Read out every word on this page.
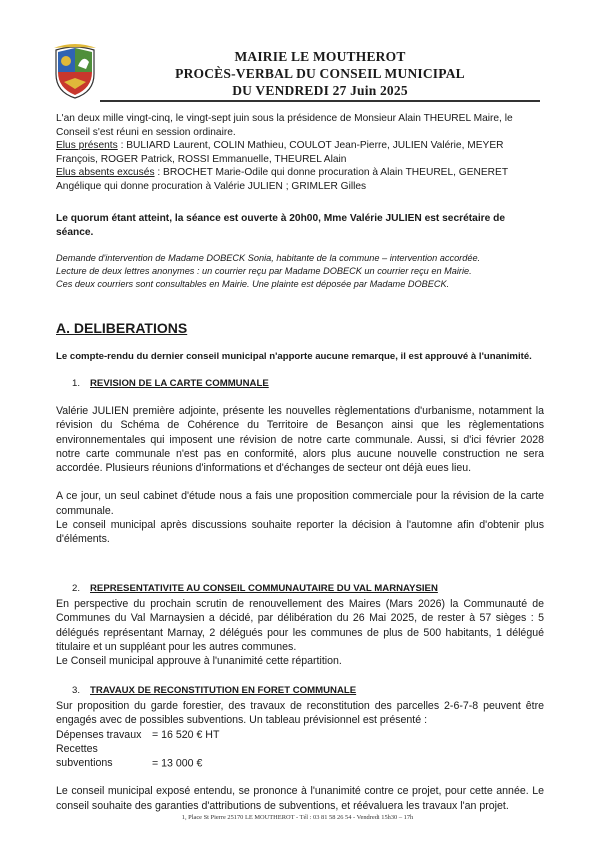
MAIRIE LE MOUTHEROT
PROCÈS-VERBAL DU CONSEIL MUNICIPAL
DU VENDREDI 27 Juin 2025

L'an deux mille vingt-cinq, le vingt-sept juin sous la présidence de Monsieur Alain THEUREL Maire, le Conseil s'est réuni en session ordinaire.

Elus présents : BULIARD Laurent, COLIN Mathieu, COULOT Jean-Pierre, JULIEN Valérie, MEYER François, ROGER Patrick, ROSSI Emmanuelle, THEUREL Alain

Elus absents excusés : BROCHET Marie-Odile qui donne procuration à Alain THEUREL, GENERET Angélique qui donne procuration à Valérie JULIEN ; GRIMLER Gilles

Le quorum étant atteint, la séance est ouverte à 20h00, Mme Valérie JULIEN est secrétaire de séance.

Demande d'intervention de Madame DOBECK Sonia, habitante de la commune – intervention accordée.

Lecture de deux lettres anonymes : un courrier reçu par Madame DOBECK un courrier reçu en Mairie.

Ces deux courriers sont consultables en Mairie. Une plainte est déposée par Madame DOBECK.

A. DELIBERATIONS
Le compte-rendu du dernier conseil municipal n'apporte aucune remarque, il est approuvé à l'unanimité.
1. REVISION DE LA CARTE COMMUNALE

Valérie JULIEN première adjointe, présente les nouvelles règlementations d'urbanisme, notamment la révision du Schéma de Cohérence du Territoire de Besançon ainsi que les règlementations environnementales qui imposent une révision de notre carte communale. Aussi, si d'ici février 2028 notre carte communale n'est pas en conformité, alors plus aucune nouvelle construction ne sera accordée. Plusieurs réunions d'informations et d'échanges de secteur ont déjà eues lieu.

A ce jour, un seul cabinet d'étude nous a fais une proposition commerciale pour la révision de la carte communale.

Le conseil municipal après discussions souhaite reporter la décision à l'automne afin d'obtenir plus d'éléments.

2. REPRESENTATIVITE AU CONSEIL COMMUNAUTAIRE DU VAL MARNAYSIEN

En perspective du prochain scrutin de renouvellement des Maires (Mars 2026) la Communauté de Communes du Val Marnaysien a décidé, par délibération du 26 Mai 2025, de rester à 57 sièges : 5 délégués représentant Marnay, 2 délégués pour les communes de plus de 500 habitants, 1 délégué titulaire et un suppléant pour les autres communes.

Le Conseil municipal approuve à l'unanimité cette répartition.

3. TRAVAUX DE RECONSTITUTION EN FORET COMMUNALE

Sur proposition du garde forestier, des travaux de reconstitution des parcelles 2-6-7-8 peuvent être engagés avec de possibles subventions. Un tableau prévisionnel est présenté :

Dépenses travaux = 16 520 € HT

Recettes subventions	= 13 000 €

Le conseil municipal exposé entendu, se prononce à l'unanimité contre ce projet, pour cette année. Le conseil souhaite des garanties d'attributions de subventions, et réévaluera les travaux l'an projet.

1, Place St Pierre 25170 LE MOUTHEROT - Tél : 03 81 58 26 54 - Vendredi 15h30 – 17h
